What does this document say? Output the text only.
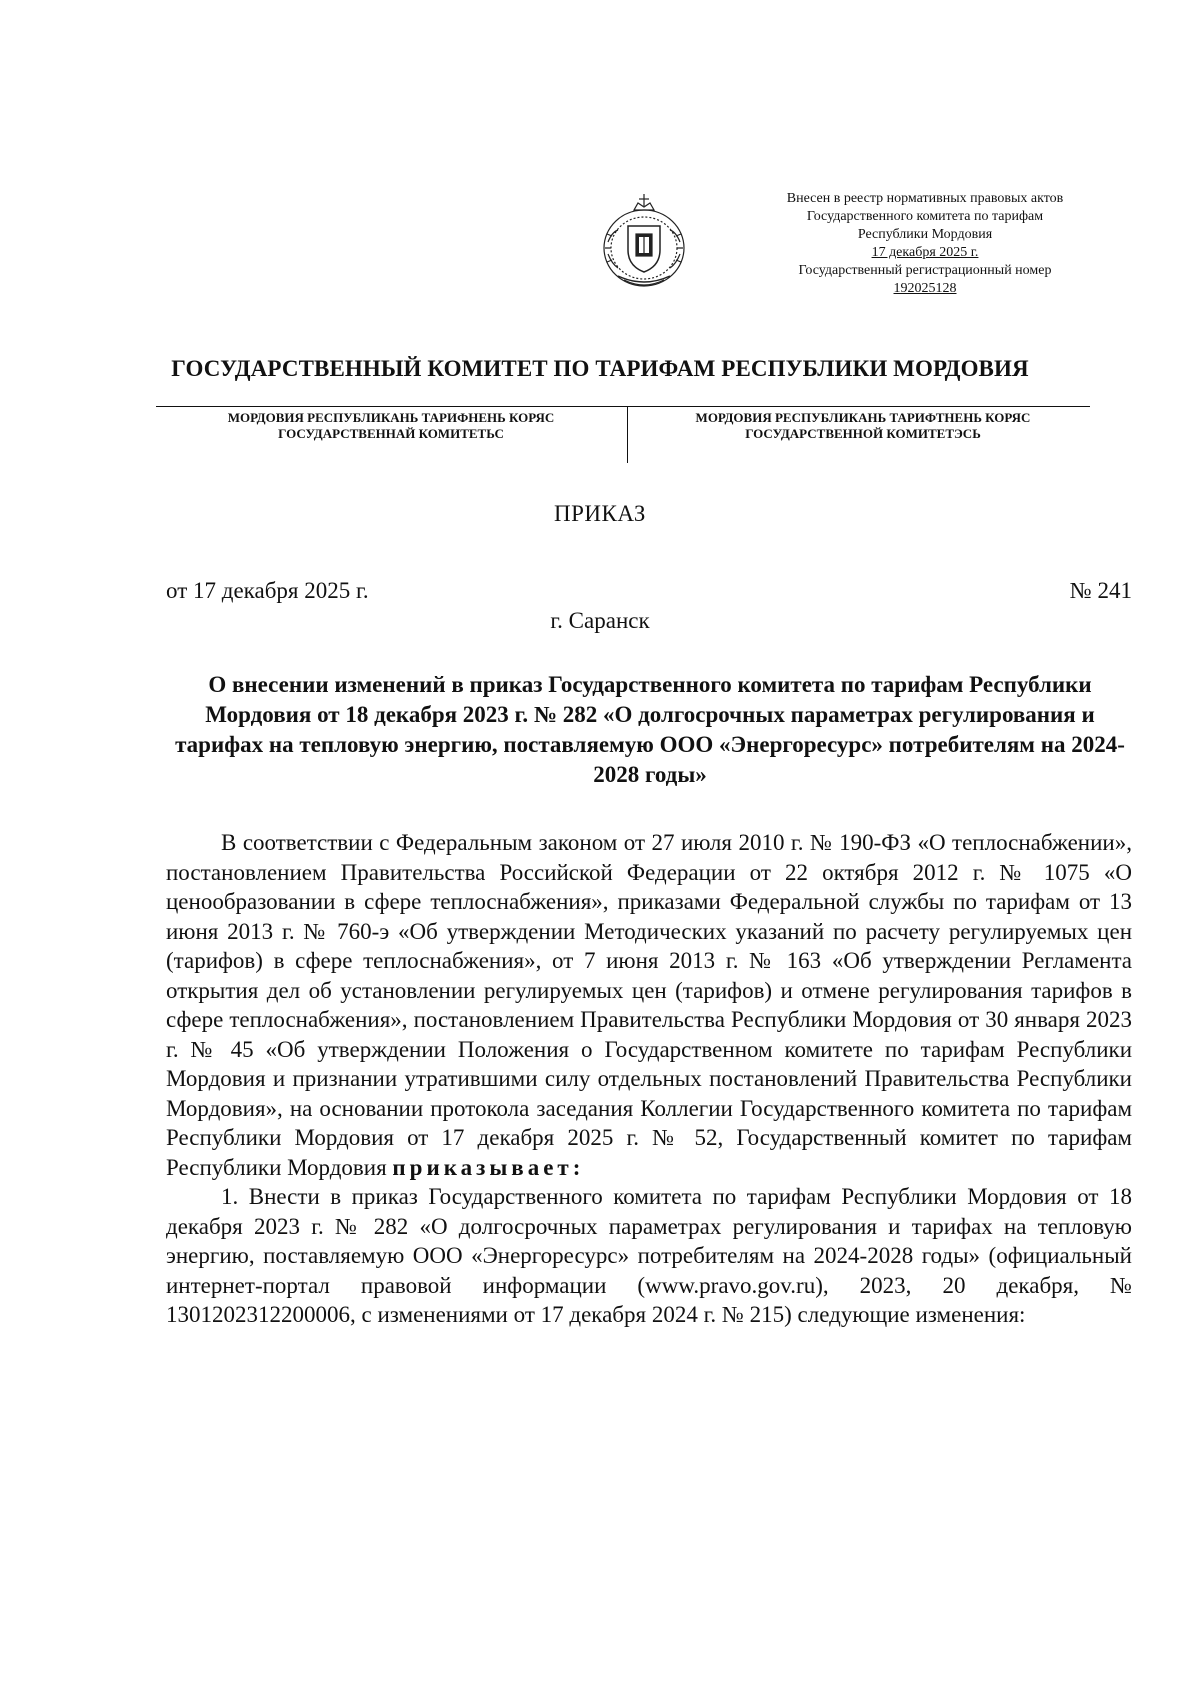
Внесен в реестр нормативных правовых актов
Государственного комитета по тарифам
Республики Мордовия
17 декабря 2025 г.
Государственный регистрационный номер
192025128
ГОСУДАРСТВЕННЫЙ КОМИТЕТ ПО ТАРИФАМ РЕСПУБЛИКИ МОРДОВИЯ
МОРДОВИЯ РЕСПУБЛИКАНЬ ТАРИФНЕНЬ КОРЯС
ГОСУДАРСТВЕННАЙ КОМИТЕТЬС
МОРДОВИЯ РЕСПУБЛИКАНЬ ТАРИФТНЕНЬ КОРЯС
ГОСУДАРСТВЕННОЙ КОМИТЕТЭСЬ
ПРИКАЗ
от 17 декабря 2025 г.	№ 241
г. Саранск
О внесении изменений в приказ Государственного комитета по тарифам Республики Мордовия от 18 декабря 2023 г. № 282 «О долгосрочных параметрах регулирования и тарифах на тепловую энергию, поставляемую ООО «Энергоресурс» потребителям на 2024-2028 годы»

В соответствии с Федеральным законом от 27 июля 2010 г. № 190-ФЗ «О теплоснабжении», постановлением Правительства Российской Федерации от 22 октября 2012 г. № 1075 «О ценообразовании в сфере теплоснабжения», приказами Федеральной службы по тарифам от 13 июня 2013 г. № 760-э «Об утверждении Методических указаний по расчету регулируемых цен (тарифов) в сфере теплоснабжения», от 7 июня 2013 г. № 163 «Об утверждении Регламента открытия дел об установлении регулируемых цен (тарифов) и отмене регулирования тарифов в сфере теплоснабжения», постановлением Правительства Республики Мордовия от 30 января 2023 г. № 45 «Об утверждении Положения о Государственном комитете по тарифам Республики Мордовия и признании утратившими силу отдельных постановлений Правительства Республики Мордовия», на основании протокола заседания Коллегии Государственного комитета по тарифам Республики Мордовия от 17 декабря 2025 г. № 52, Государственный комитет по тарифам Республики Мордовия приказывает:

1. Внести в приказ Государственного комитета по тарифам Республики Мордовия от 18 декабря 2023 г. № 282 «О долгосрочных параметрах регулирования и тарифах на тепловую энергию, поставляемую ООО «Энергоресурс» потребителям на 2024-2028 годы» (официальный интернет-портал правовой информации (www.pravo.gov.ru), 2023, 20 декабря, № 1301202312200006, с изменениями от 17 декабря 2024 г. № 215) следующие изменения:
